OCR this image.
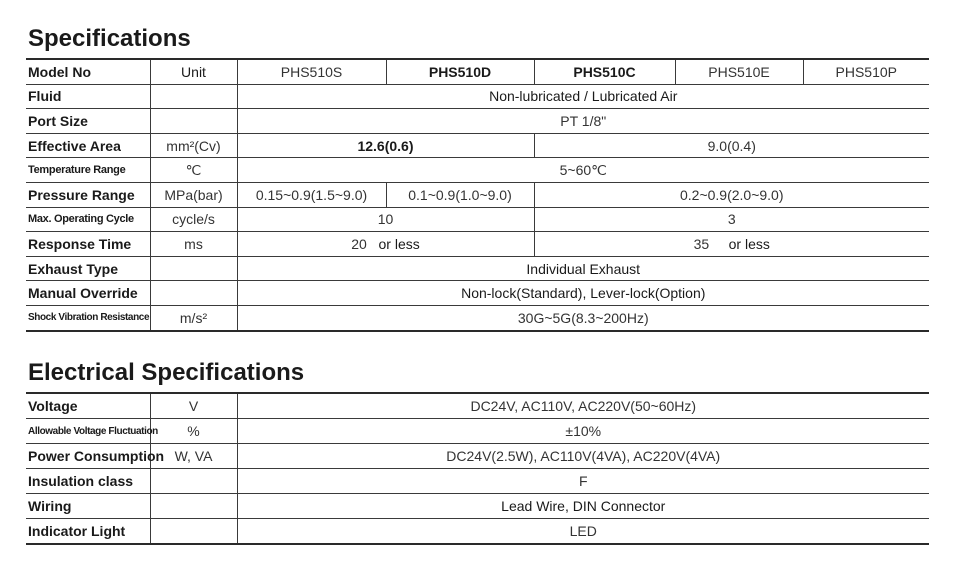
Specifications
Model No	Unit	PHS510S	PHS510D	PHS510C	PHS510E	PHS510P
Fluid		Non-lubricated / Lubricated Air				
Port Size		PT 1/8"				
Effective Area	mm²(Cv)	12.6(0.6)		9.0(0.4)		
Temperature Range	℃	5~60℃				
Pressure Range	MPa(bar)	0.15~0.9(1.5~9.0)	0.1~0.9(1.0~9.0)	0.2~0.9(2.0~9.0)		
Max. Operating Cycle	cycle/s	10		3		
Response Time	ms	20 or less		35 or less		
Exhaust Type		Individual Exhaust				
Manual Override		Non-lock(Standard), Lever-lock(Option)				
Shock Vibration Resistance	m/s²	30G~5G(8.3~200Hz)				
Electrical Specifications
Voltage	V	DC24V, AC110V, AC220V(50~60Hz)
Allowable Voltage Fluctuation	%	±10%
Power Consumption	W, VA	DC24V(2.5W), AC110V(4VA), AC220V(4VA)
Insulation class		F
Wiring		Lead Wire, DIN Connector
Indicator Light		LED
